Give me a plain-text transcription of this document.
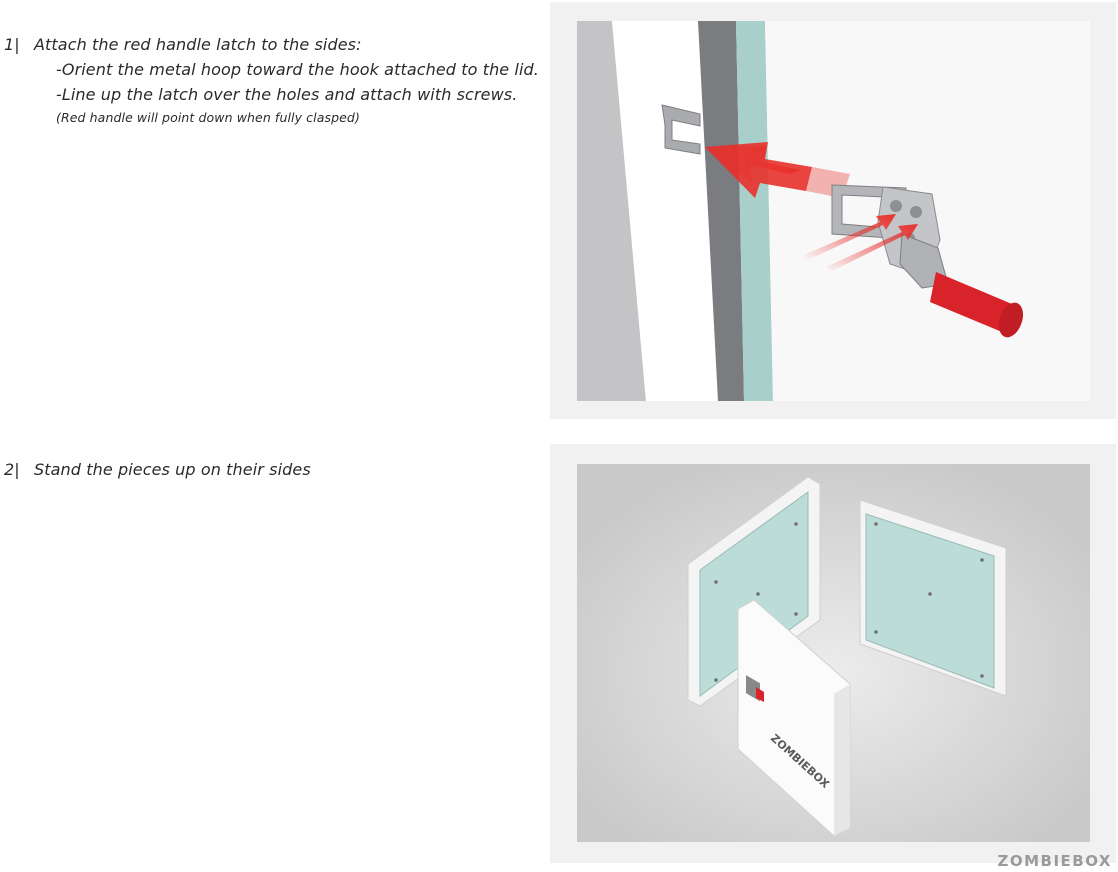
1| Attach the red handle latch to the sides:
-Orient the metal hoop toward the hook attached to the lid.
-Line up the latch over the holes and attach with screws.
(Red handle will point down when fully clasped)
2| Stand the pieces up on their sides
ZOMBIEBOX
ZOMBIEBOX
